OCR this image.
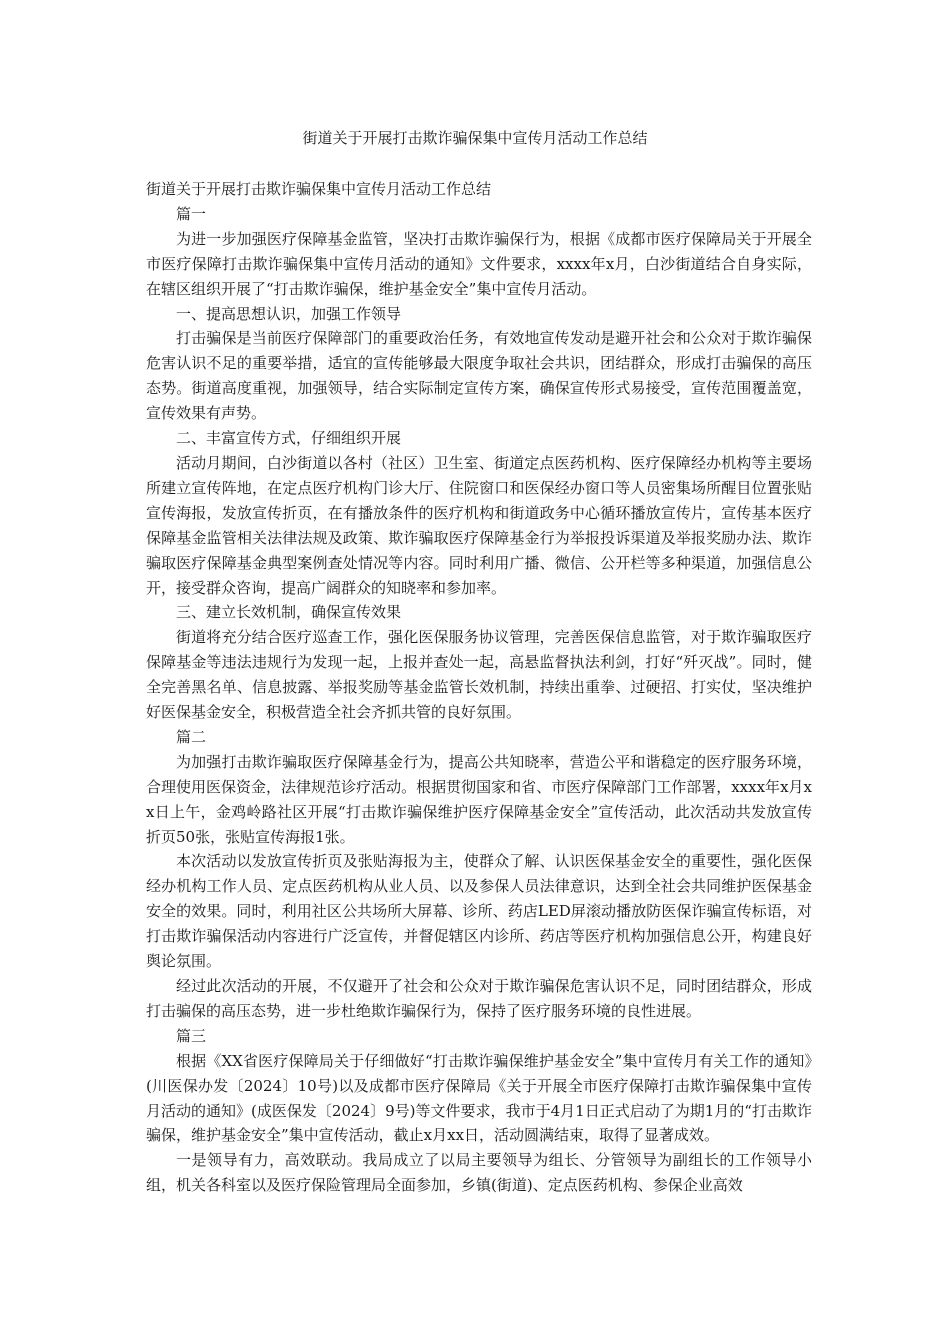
街道关于开展打击欺诈骗保集中宣传月活动工作总结

街道关于开展打击欺诈骗保集中宣传月活动工作总结

篇一

为进一步加强医疗保障基金监管，坚决打击欺诈骗保行为，根据《成都市医疗保障局关于开展全市医疗保障打击欺诈骗保集中宣传月活动的通知》文件要求，xxxx年x月，白沙街道结合自身实际，在辖区组织开展了“打击欺诈骗保，维护基金安全”集中宣传月活动。

一、提高思想认识，加强工作领导

打击骗保是当前医疗保障部门的重要政治任务，有效地宣传发动是避开社会和公众对于欺诈骗保危害认识不足的重要举措，适宜的宣传能够最大限度争取社会共识，团结群众，形成打击骗保的高压态势。街道高度重视，加强领导，结合实际制定宣传方案，确保宣传形式易接受，宣传范围覆盖宽，宣传效果有声势。

二、丰富宣传方式，仔细组织开展

活动月期间，白沙街道以各村（社区）卫生室、街道定点医药机构、医疗保障经办机构等主要场所建立宣传阵地，在定点医疗机构门诊大厅、住院窗口和医保经办窗口等人员密集场所醒目位置张贴宣传海报，发放宣传折页，在有播放条件的医疗机构和街道政务中心循环播放宣传片，宣传基本医疗保障基金监管相关法律法规及政策、欺诈骗取医疗保障基金行为举报投诉渠道及举报奖励办法、欺诈骗取医疗保障基金典型案例查处情况等内容。同时利用广播、微信、公开栏等多种渠道，加强信息公开，接受群众咨询，提高广阔群众的知晓率和参加率。

三、建立长效机制，确保宣传效果

街道将充分结合医疗巡查工作，强化医保服务协议管理，完善医保信息监管，对于欺诈骗取医疗保障基金等违法违规行为发现一起，上报并查处一起，高悬监督执法利剑，打好“歼灭战”。同时，健全完善黑名单、信息披露、举报奖励等基金监管长效机制，持续出重拳、过硬招、打实仗，坚决维护好医保基金安全，积极营造全社会齐抓共管的良好氛围。

篇二

为加强打击欺诈骗取医疗保障基金行为，提高公共知晓率，营造公平和谐稳定的医疗服务环境，合理使用医保资金，法律规范诊疗活动。根据贯彻国家和省、市医疗保障部门工作部署，xxxx年x月xx日上午，金鸡岭路社区开展“打击欺诈骗保维护医疗保障基金安全”宣传活动，此次活动共发放宣传折页50张，张贴宣传海报1张。

本次活动以发放宣传折页及张贴海报为主，使群众了解、认识医保基金安全的重要性，强化医保经办机构工作人员、定点医药机构从业人员、以及参保人员法律意识，达到全社会共同维护医保基金安全的效果。同时，利用社区公共场所大屏幕、诊所、药店LED屏滚动播放防医保诈骗宣传标语，对打击欺诈骗保活动内容进行广泛宣传，并督促辖区内诊所、药店等医疗机构加强信息公开，构建良好舆论氛围。

经过此次活动的开展，不仅避开了社会和公众对于欺诈骗保危害认识不足，同时团结群众，形成打击骗保的高压态势，进一步杜绝欺诈骗保行为，保持了医疗服务环境的良性进展。

篇三

根据《XX省医疗保障局关于仔细做好“打击欺诈骗保维护基金安全”集中宣传月有关工作的通知》(川医保办发〔2024〕10号)以及成都市医疗保障局《关于开展全市医疗保障打击欺诈骗保集中宣传月活动的通知》(成医保发〔2024〕9号)等文件要求，我市于4月1日正式启动了为期1月的“打击欺诈骗保，维护基金安全”集中宣传活动，截止x月xx日，活动圆满结束，取得了显著成效。

一是领导有力，高效联动。我局成立了以局主要领导为组长、分管领导为副组长的工作领导小组，机关各科室以及医疗保险管理局全面参加，乡镇(街道)、定点医药机构、参保企业高效
